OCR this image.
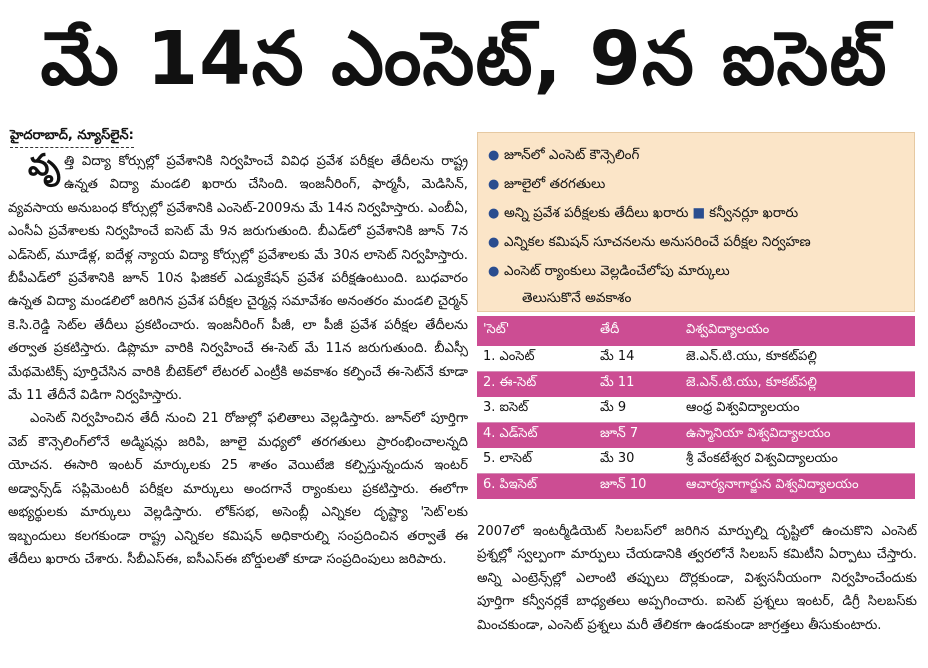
మే 14న ఎంసెట్, 9న ఐసెట్
హైదరాబాద్, న్యూస్‌లైన్:

వృత్తి విద్యా కోర్సుల్లో ప్రవేశానికి నిర్వహించే వివిధ ప్రవేశ పరీక్షల తేదీలను రాష్ట్ర ఉన్నత విద్యా మండలి ఖరారు చేసింది. ఇంజనీరింగ్, ఫార్మసీ, మెడిసిన్, వ్యవసాయ అనుబంధ కోర్సుల్లో ప్రవేశానికి ఎంసెట్-2009ను మే 14న నిర్వహిస్తారు. ఎంబీఏ, ఎంసీఏ ప్రవేశాలకు నిర్వహించే ఐసెట్ మే 9న జరుగుతుంది. బీఎడ్‌లో ప్రవేశానికి జూన్ 7న ఎడ్‌సెట్, మూడేళ్ల, ఐదేళ్ల న్యాయ విద్యా కోర్సుల్లో ప్రవేశాలకు మే 30న లాసెట్ నిర్వహిస్తారు. బీపీఎడ్‌లో ప్రవేశానికి జూన్ 10న ఫిజికల్ ఎడ్యుకేషన్ ప్రవేశ పరీక్షఉంటుంది. బుధవారం ఉన్నత విద్యా మండలిలో జరిగిన ప్రవేశ పరీక్షల చైర్మన్ల సమావేశం అనంతరం మండలి చైర్మన్ కె.సి.రెడ్డి సెట్‌ల తేదీలు ప్రకటించారు. ఇంజనీరింగ్ పీజీ, లా పీజీ ప్రవేశ పరీక్షల తేదీలను తర్వాత ప్రకటిస్తారు. డిప్లొమా వారికి నిర్వహించే ఈ-సెట్ మే 11న జరుగుతుంది. బీఎస్సీ మేథమెటిక్స్ పూర్తిచేసిన వారికి బీటెక్‌లో లేటరల్ ఎంట్రీకి అవకాశం కల్పించే ఈ-సెట్‌నే కూడా మే 11 తేదీనే విడిగా నిర్వహిస్తారు.

ఎంసెట్ నిర్వహించిన తేదీ నుంచి 21 రోజుల్లో ఫలితాలు వెల్లడిస్తారు. జూన్‌లో పూర్తిగా వెబ్ కౌన్సెలింగ్‌లోనే అడ్మిషన్లు జరిపి, జూలై మధ్యలో తరగతులు ప్రారంభించాలన్నది యోచన. ఈసారి ఇంటర్ మార్కులకు 25 శాతం వెయిటేజి కల్పిస్తున్నందున ఇంటర్ అడ్వాన్స్‌డ్ సప్లిమెంటరీ పరీక్షల మార్కులు అందగానే ర్యాంకులు ప్రకటిస్తారు. ఈలోగా అభ్యర్థులకు మార్కులు వెల్లడిస్తారు. లోక్‌సభ, అసెంబ్లీ ఎన్నికల దృష్ట్యా 'సెట్'లకు ఇబ్బందులు కలగకుండా రాష్ట్ర ఎన్నికల కమిషన్ అధికారుల్ని సంప్రదించిన తర్వాతే ఈ తేదీలు ఖరారు చేశారు. సీబీఎస్ఈ, ఐసీఎస్ఈ బోర్డులతో కూడా సంప్రదింపులు జరిపారు.

● జూన్‌లో ఎంసెట్ కౌన్సెలింగ్
● జూలైలో తరగతులు
● అన్ని ప్రవేశ పరీక్షలకు తేదీలు ఖరారు ■ కన్వీనర్లూ ఖరారు
● ఎన్నికల కమిషన్ సూచనలను అనుసరించే పరీక్షల నిర్వహణ
● ఎంసెట్ ర్యాంకులు వెల్లడించేలోపు మార్కులు
తెలుసుకొనే అవకాశం
'సెట్'	తేదీ	విశ్వవిద్యాలయం
1. ఎంసెట్	మే 14	జె.ఎన్.టి.యు, కూకట్‌పల్లి
2. ఈ-సెట్	మే 11	జె.ఎన్.టి.యు, కూకట్‌పల్లి
3. ఐసెట్	మే 9	ఆంధ్ర విశ్వవిద్యాలయం
4. ఎడ్‌సెట్	జూన్ 7	ఉస్మానియా విశ్వవిద్యాలయం
5. లాసెట్	మే 30	శ్రీ వేంకటేశ్వర విశ్వవిద్యాలయం
6. పిఇసెట్	జూన్ 10	ఆచార్యనాగార్జున విశ్వవిద్యాలయం

2007లో ఇంటర్మీడియెట్ సిలబస్‌లో జరిగిన మార్పుల్ని దృష్టిలో ఉంచుకొని ఎంసెట్ ప్రశ్నల్లో స్వల్పంగా మార్పులు చేయడానికి త్వరలోనే సిలబస్ కమిటీని ఏర్పాటు చేస్తారు. అన్ని ఎంట్రెన్స్‌ల్లో ఎలాంటి తప్పులు దొర్లకుండా, విశ్వసనీయంగా నిర్వహించేందుకు పూర్తిగా కన్వీనర్లకే బాధ్యతలు అప్పగించారు. ఐసెట్ ప్రశ్నలు ఇంటర్, డిగ్రీ సిలబస్‌కు మించకుండా, ఎంసెట్ ప్రశ్నలు మరీ తేలికగా ఉండకుండా జాగ్రత్తలు తీసుకుంటారు.
